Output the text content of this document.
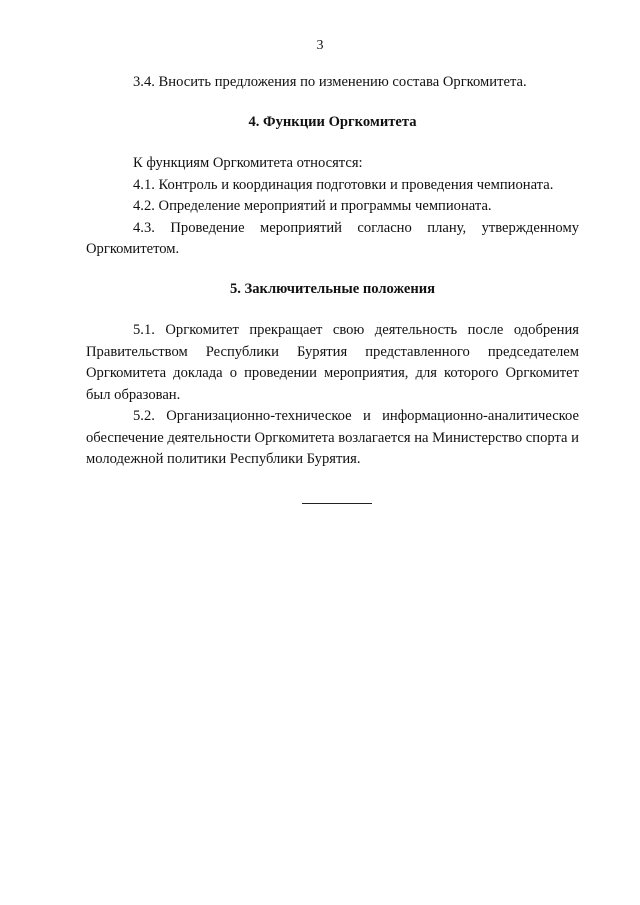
3

3.4. Вносить предложения по изменению состава Оргкомитета.

4. Функции Оргкомитета

К функциям Оргкомитета относятся:

4.1. Контроль и координация подготовки и проведения чемпионата.

4.2. Определение мероприятий и программы чемпионата.

4.3. Проведение мероприятий согласно плану, утвержденному Оргкомитетом.

5. Заключительные положения

5.1. Оргкомитет прекращает свою деятельность после одобрения Правительством Республики Бурятия представленного председателем Оргкомитета доклада о проведении мероприятия, для которого Оргкомитет был образован.

5.2. Организационно-техническое и информационно-аналитическое обеспечение деятельности Оргкомитета возлагается на Министерство спорта и молодежной политики Республики Бурятия.
